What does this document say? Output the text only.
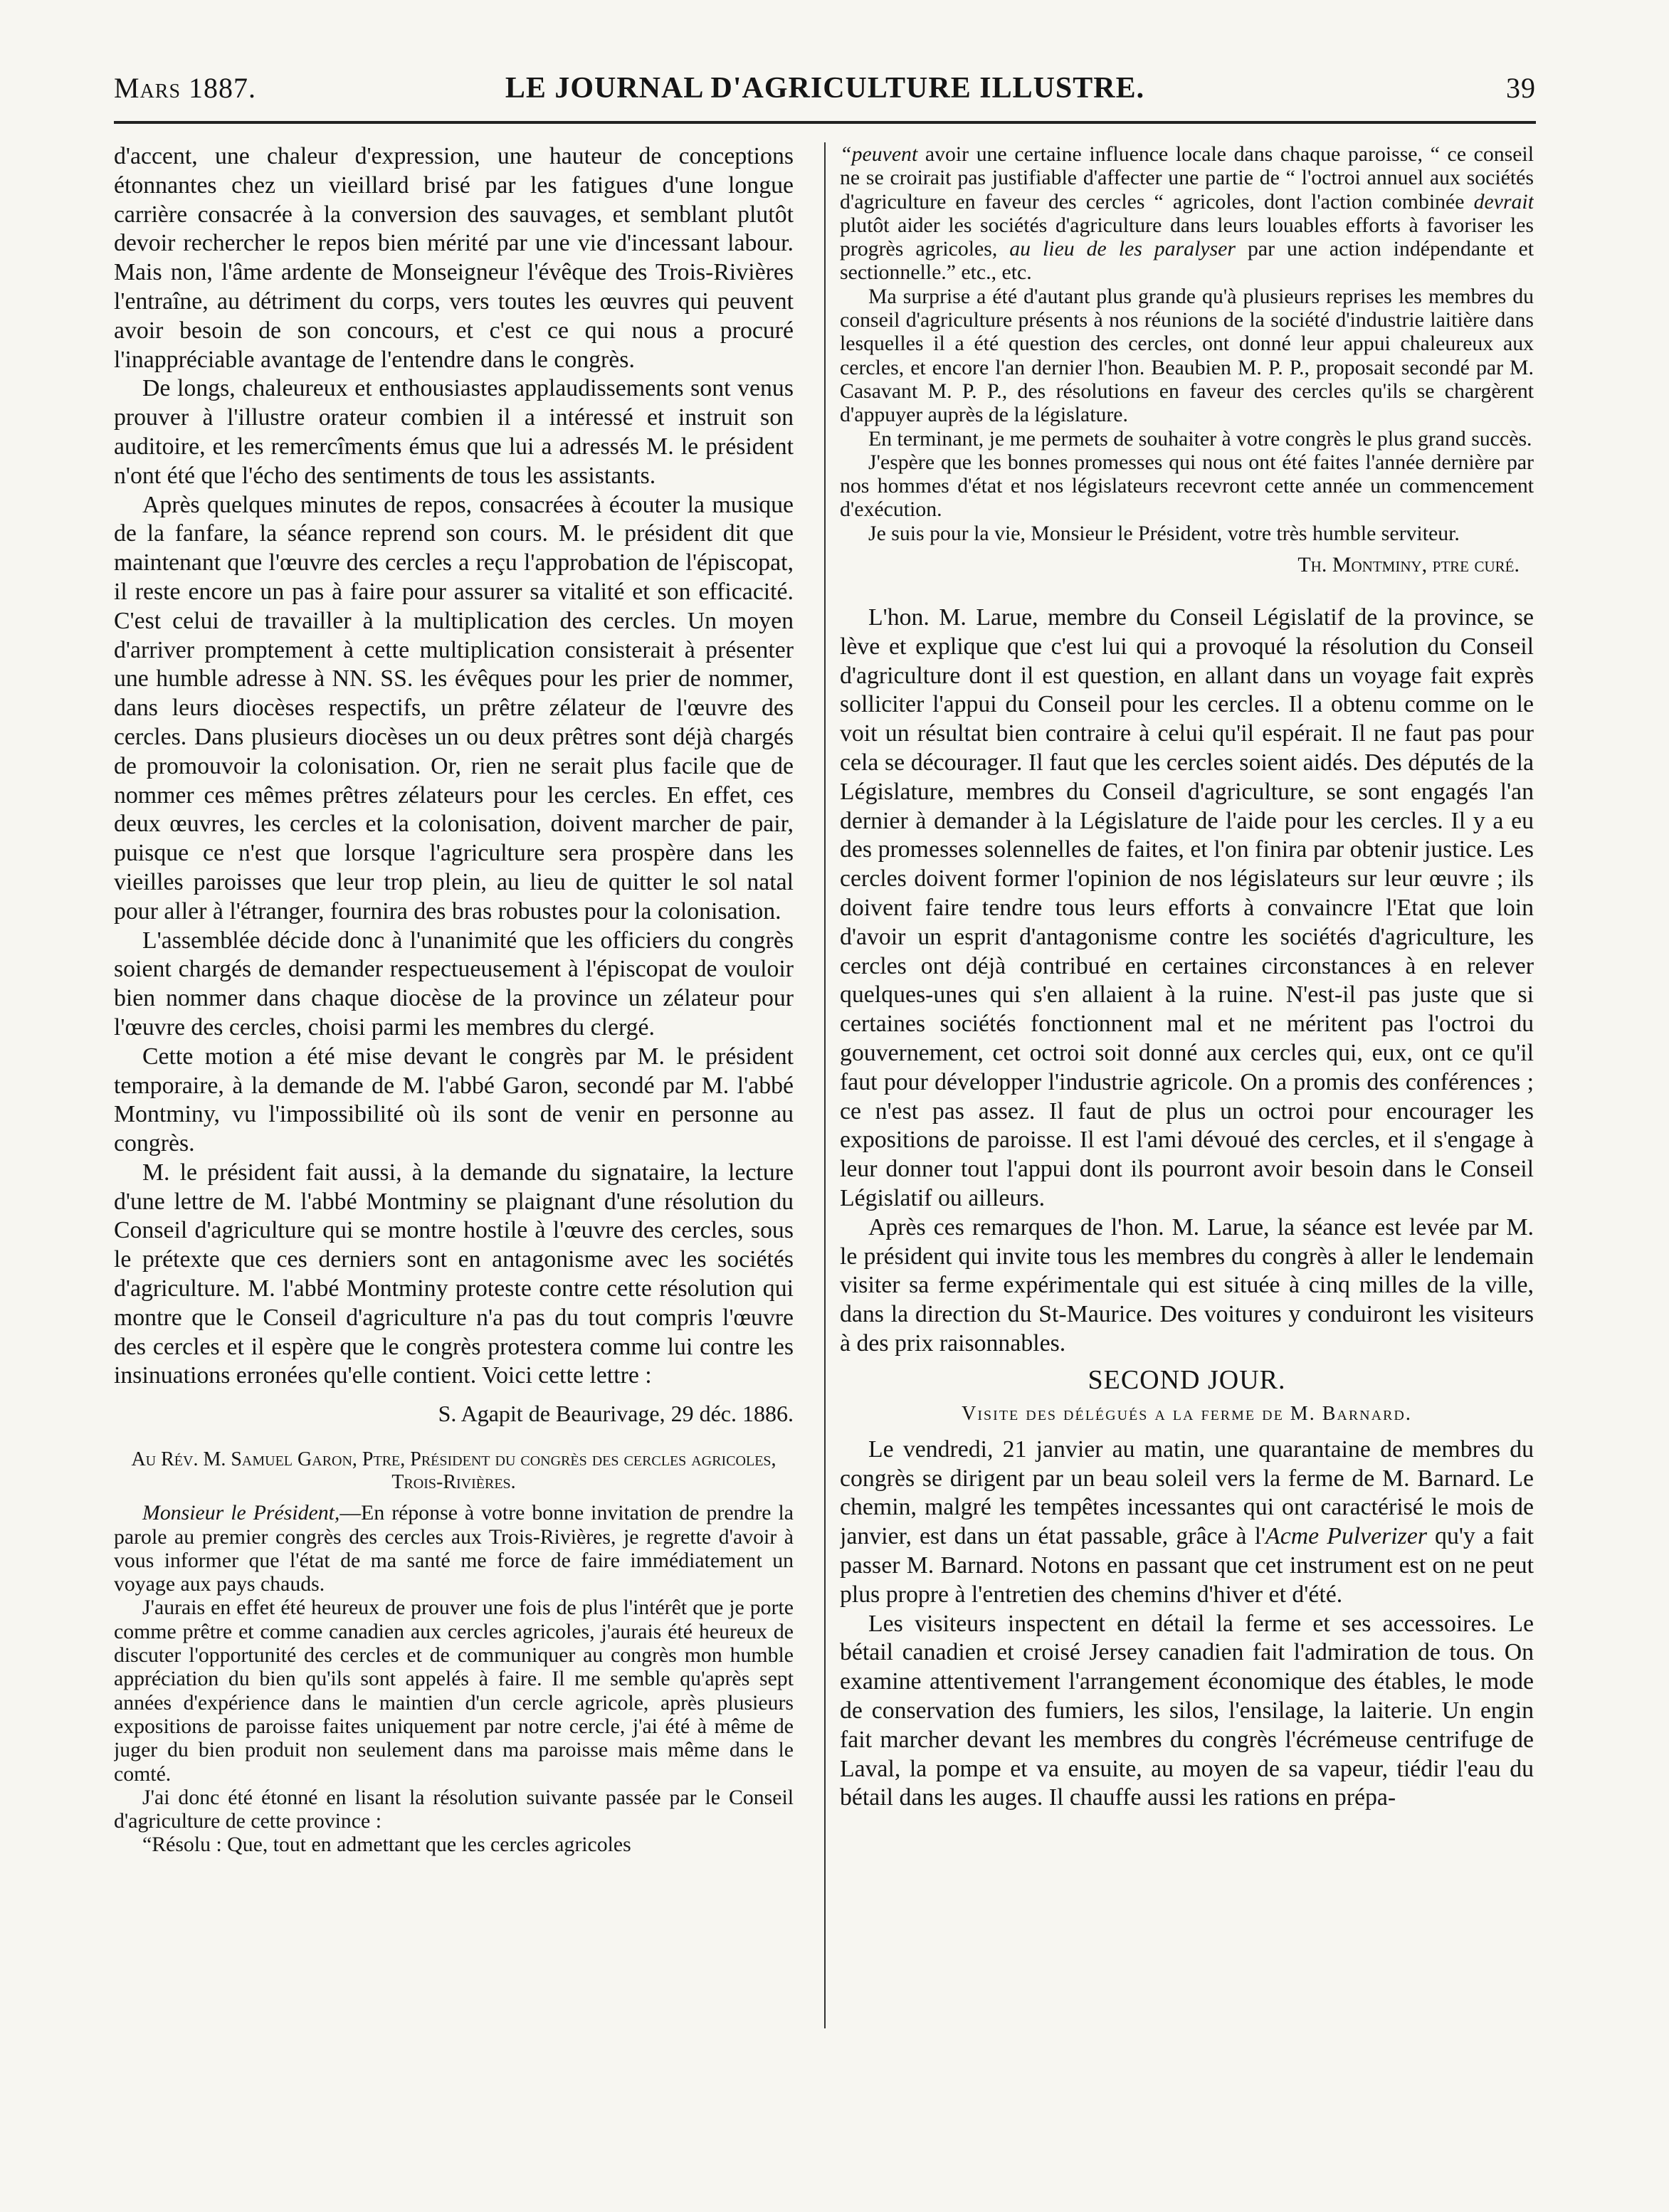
Mars 1887.	LE JOURNAL D'AGRICULTURE ILLUSTRE.	39

d'accent, une chaleur d'expression, une hauteur de conceptions étonnantes chez un vieillard brisé par les fatigues d'une longue carrière consacrée à la conversion des sauvages, et semblant plutôt devoir rechercher le repos bien mérité par une vie d'incessant labour. Mais non, l'âme ardente de Monseigneur l'évêque des Trois-Rivières l'entraîne, au détriment du corps, vers toutes les œuvres qui peuvent avoir besoin de son concours, et c'est ce qui nous a procuré l'inappréciable avantage de l'entendre dans le congrès.

De longs, chaleureux et enthousiastes applaudissements sont venus prouver à l'illustre orateur combien il a intéressé et instruit son auditoire, et les remercîments émus que lui a adressés M. le président n'ont été que l'écho des sentiments de tous les assistants.

Après quelques minutes de repos, consacrées à écouter la musique de la fanfare, la séance reprend son cours. M. le président dit que maintenant que l'œuvre des cercles a reçu l'approbation de l'épiscopat, il reste encore un pas à faire pour assurer sa vitalité et son efficacité. C'est celui de travailler à la multiplication des cercles. Un moyen d'arriver promptement à cette multiplication consisterait à présenter une humble adresse à NN. SS. les évêques pour les prier de nommer, dans leurs diocèses respectifs, un prêtre zélateur de l'œuvre des cercles. Dans plusieurs diocèses un ou deux prêtres sont déjà chargés de promouvoir la colonisation. Or, rien ne serait plus facile que de nommer ces mêmes prêtres zélateurs pour les cercles. En effet, ces deux œuvres, les cercles et la colonisation, doivent marcher de pair, puisque ce n'est que lorsque l'agriculture sera prospère dans les vieilles paroisses que leur trop plein, au lieu de quitter le sol natal pour aller à l'étranger, fournira des bras robustes pour la colonisation.

L'assemblée décide donc à l'unanimité que les officiers du congrès soient chargés de demander respectueusement à l'épiscopat de vouloir bien nommer dans chaque diocèse de la province un zélateur pour l'œuvre des cercles, choisi parmi les membres du clergé.

Cette motion a été mise devant le congrès par M. le président temporaire, à la demande de M. l'abbé Garon, secondé par M. l'abbé Montminy, vu l'impossibilité où ils sont de venir en personne au congrès.

M. le président fait aussi, à la demande du signataire, la lecture d'une lettre de M. l'abbé Montminy se plaignant d'une résolution du Conseil d'agriculture qui se montre hostile à l'œuvre des cercles, sous le prétexte que ces derniers sont en antagonisme avec les sociétés d'agriculture. M. l'abbé Montminy proteste contre cette résolution qui montre que le Conseil d'agriculture n'a pas du tout compris l'œuvre des cercles et il espère que le congrès protestera comme lui contre les insinuations erronées qu'elle contient. Voici cette lettre :

S. Agapit de Beaurivage, 29 déc. 1886.
Au Rév. M. Samuel Garon, Ptre, Président du congrès des cercles agricoles, Trois-Rivières.

Monsieur le Président,—En réponse à votre bonne invitation de prendre la parole au premier congrès des cercles aux Trois-Rivières, je regrette d'avoir à vous informer que l'état de ma santé me force de faire immédiatement un voyage aux pays chauds.

J'aurais en effet été heureux de prouver une fois de plus l'intérêt que je porte comme prêtre et comme canadien aux cercles agricoles, j'aurais été heureux de discuter l'opportunité des cercles et de communiquer au congrès mon humble appréciation du bien qu'ils sont appelés à faire. Il me semble qu'après sept années d'expérience dans le maintien d'un cercle agricole, après plusieurs expositions de paroisse faites uniquement par notre cercle, j'ai été à même de juger du bien produit non seulement dans ma paroisse mais même dans le comté.

J'ai donc été étonné en lisant la résolution suivante passée par le Conseil d'agriculture de cette province :

“Résolu : Que, tout en admettant que les cercles agricoles

“peuvent avoir une certaine influence locale dans chaque paroisse, “ ce conseil ne se croirait pas justifiable d'affecter une partie de “ l'octroi annuel aux sociétés d'agriculture en faveur des cercles “ agricoles, dont l'action combinée devrait plutôt aider les sociétés d'agriculture dans leurs louables efforts à favoriser les progrès agricoles, au lieu de les paralyser par une action indépendante et sectionnelle.” etc., etc.

Ma surprise a été d'autant plus grande qu'à plusieurs reprises les membres du conseil d'agriculture présents à nos réunions de la société d'industrie laitière dans lesquelles il a été question des cercles, ont donné leur appui chaleureux aux cercles, et encore l'an dernier l'hon. Beaubien M. P. P., proposait secondé par M. Casavant M. P. P., des résolutions en faveur des cercles qu'ils se chargèrent d'appuyer auprès de la législature.

En terminant, je me permets de souhaiter à votre congrès le plus grand succès.

J'espère que les bonnes promesses qui nous ont été faites l'année dernière par nos hommes d'état et nos législateurs recevront cette année un commencement d'exécution.

Je suis pour la vie, Monsieur le Président, votre très humble serviteur.

Th. Montminy, ptre curé.

L'hon. M. Larue, membre du Conseil Législatif de la province, se lève et explique que c'est lui qui a provoqué la résolution du Conseil d'agriculture dont il est question, en allant dans un voyage fait exprès solliciter l'appui du Conseil pour les cercles. Il a obtenu comme on le voit un résultat bien contraire à celui qu'il espérait. Il ne faut pas pour cela se décourager. Il faut que les cercles soient aidés. Des députés de la Législature, membres du Conseil d'agriculture, se sont engagés l'an dernier à demander à la Législature de l'aide pour les cercles. Il y a eu des promesses solennelles de faites, et l'on finira par obtenir justice. Les cercles doivent former l'opinion de nos législateurs sur leur œuvre ; ils doivent faire tendre tous leurs efforts à convaincre l'Etat que loin d'avoir un esprit d'antagonisme contre les sociétés d'agriculture, les cercles ont déjà contribué en certaines circonstances à en relever quelques-unes qui s'en allaient à la ruine. N'est-il pas juste que si certaines sociétés fonctionnent mal et ne méritent pas l'octroi du gouvernement, cet octroi soit donné aux cercles qui, eux, ont ce qu'il faut pour développer l'industrie agricole. On a promis des conférences ; ce n'est pas assez. Il faut de plus un octroi pour encourager les expositions de paroisse. Il est l'ami dévoué des cercles, et il s'engage à leur donner tout l'appui dont ils pourront avoir besoin dans le Conseil Législatif ou ailleurs.

Après ces remarques de l'hon. M. Larue, la séance est levée par M. le président qui invite tous les membres du congrès à aller le lendemain visiter sa ferme expérimentale qui est située à cinq milles de la ville, dans la direction du St-Maurice. Des voitures y conduiront les visiteurs à des prix raisonnables.

SECOND JOUR.
Visite des délégués a la ferme de M. Barnard.

Le vendredi, 21 janvier au matin, une quarantaine de membres du congrès se dirigent par un beau soleil vers la ferme de M. Barnard. Le chemin, malgré les tempêtes incessantes qui ont caractérisé le mois de janvier, est dans un état passable, grâce à l'Acme Pulverizer qu'y a fait passer M. Barnard. Notons en passant que cet instrument est on ne peut plus propre à l'entretien des chemins d'hiver et d'été.

Les visiteurs inspectent en détail la ferme et ses accessoires. Le bétail canadien et croisé Jersey canadien fait l'admiration de tous. On examine attentivement l'arrangement économique des étables, le mode de conservation des fumiers, les silos, l'ensilage, la laiterie. Un engin fait marcher devant les membres du congrès l'écrémeuse centrifuge de Laval, la pompe et va ensuite, au moyen de sa vapeur, tiédir l'eau du bétail dans les auges. Il chauffe aussi les rations en prépa-
